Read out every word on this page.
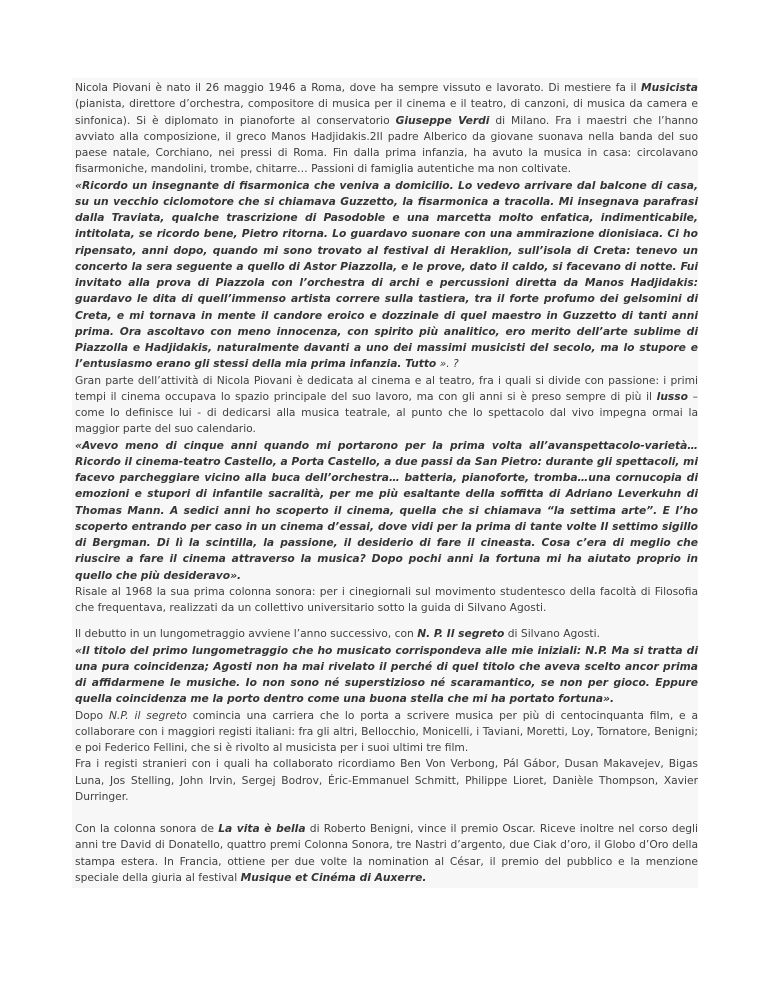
Nicola Piovani è nato il 26 maggio 1946 a Roma, dove ha sempre vissuto e lavorato. Di mestiere fa il Musicista (pianista, direttore d’orchestra, compositore di musica per il cinema e il teatro, di canzoni, di musica da camera e sinfonica). Si è diplomato in pianoforte al conservatorio Giuseppe Verdi di Milano. Fra i maestri che l’hanno avviato alla composizione, il greco Manos Hadjidakis.2Il padre Alberico da giovane suonava nella banda del suo paese natale, Corchiano, nei pressi di Roma. Fin dalla prima infanzia, ha avuto la musica in casa: circolavano fisarmoniche, mandolini, trombe, chitarre… Passioni di famiglia autentiche ma non coltivate.

«Ricordo un insegnante di fisarmonica che veniva a domicilio. Lo vedevo arrivare dal balcone di casa, su un vecchio ciclomotore che si chiamava Guzzetto, la fisarmonica a tracolla. Mi insegnava parafrasi dalla Traviata, qualche trascrizione di Pasodoble e una marcetta molto enfatica, indimenticabile, intitolata, se ricordo bene, Pietro ritorna. Lo guardavo suonare con una ammirazione dionisiaca. Ci ho ripensato, anni dopo, quando mi sono trovato al festival di Heraklion, sull’isola di Creta: tenevo un concerto la sera seguente a quello di Astor Piazzolla, e le prove, dato il caldo, si facevano di notte. Fui invitato alla prova di Piazzola con l’orchestra di archi e percussioni diretta da Manos Hadjidakis: guardavo le dita di quell’immenso artista correre sulla tastiera, tra il forte profumo dei gelsomini di Creta, e mi tornava in mente il candore eroico e dozzinale di quel maestro in Guzzetto di tanti anni prima. Ora ascoltavo con meno innocenza, con spirito più analitico, ero merito dell’arte sublime di Piazzolla e Hadjidakis, naturalmente davanti a uno dei massimi musicisti del secolo, ma lo stupore e l’entusiasmo erano gli stessi della mia prima infanzia. Tutto ». ?

Gran parte dell’attività di Nicola Piovani è dedicata al cinema e al teatro, fra i quali si divide con passione: i primi tempi il cinema occupava lo spazio principale del suo lavoro, ma con gli anni si è preso sempre di più il lusso – come lo definisce lui - di dedicarsi alla musica teatrale, al punto che lo spettacolo dal vivo impegna ormai la maggior parte del suo calendario.

«Avevo meno di cinque anni quando mi portarono per la prima volta all’avanspettacolo-varietà… Ricordo il cinema-teatro Castello, a Porta Castello, a due passi da San Pietro: durante gli spettacoli, mi facevo parcheggiare vicino alla buca dell’orchestra… batteria, pianoforte, tromba…una cornucopia di emozioni e stupori di infantile sacralità, per me più esaltante della soffitta di Adriano Leverkuhn di Thomas Mann. A sedici anni ho scoperto il cinema, quella che si chiamava “la settima arte”. E l’ho scoperto entrando per caso in un cinema d’essai, dove vidi per la prima di tante volte Il settimo sigillo di Bergman. Di lì la scintilla, la passione, il desiderio di fare il cineasta. Cosa c’era di meglio che riuscire a fare il cinema attraverso la musica? Dopo pochi anni la fortuna mi ha aiutato proprio in quello che più desideravo».

Risale al 1968 la sua prima colonna sonora: per i cinegiornali sul movimento studentesco della facoltà di Filosofia che frequentava, realizzati da un collettivo universitario sotto la guida di Silvano Agosti.

Il debutto in un lungometraggio avviene l’anno successivo, con N. P. Il segreto di Silvano Agosti.

«Il titolo del primo lungometraggio che ho musicato corrispondeva alle mie iniziali: N.P. Ma si tratta di una pura coincidenza; Agosti non ha mai rivelato il perché di quel titolo che aveva scelto ancor prima di affidarmene le musiche. Io non sono né superstizioso né scaramantico, se non per gioco. Eppure quella coincidenza me la porto dentro come una buona stella che mi ha portato fortuna».

Dopo N.P. il segreto comincia una carriera che lo porta a scrivere musica per più di centocinquanta film, e a collaborare con i maggiori registi italiani: fra gli altri, Bellocchio, Monicelli, i Taviani, Moretti, Loy, Tornatore, Benigni; e poi Federico Fellini, che si è rivolto al musicista per i suoi ultimi tre film.

Fra i registi stranieri con i quali ha collaborato ricordiamo Ben Von Verbong, Pál Gábor, Dusan Makavejev, Bigas Luna, Jos Stelling, John Irvin, Sergej Bodrov, Éric-Emmanuel Schmitt, Philippe Lioret, Danièle Thompson, Xavier Durringer.

Con la colonna sonora de La vita è bella di Roberto Benigni, vince il premio Oscar. Riceve inoltre nel corso degli anni tre David di Donatello, quattro premi Colonna Sonora, tre Nastri d’argento, due Ciak d’oro, il Globo d’Oro della stampa estera. In Francia, ottiene per due volte la nomination al César, il premio del pubblico e la menzione speciale della giuria al festival Musique et Cinéma di Auxerre.
